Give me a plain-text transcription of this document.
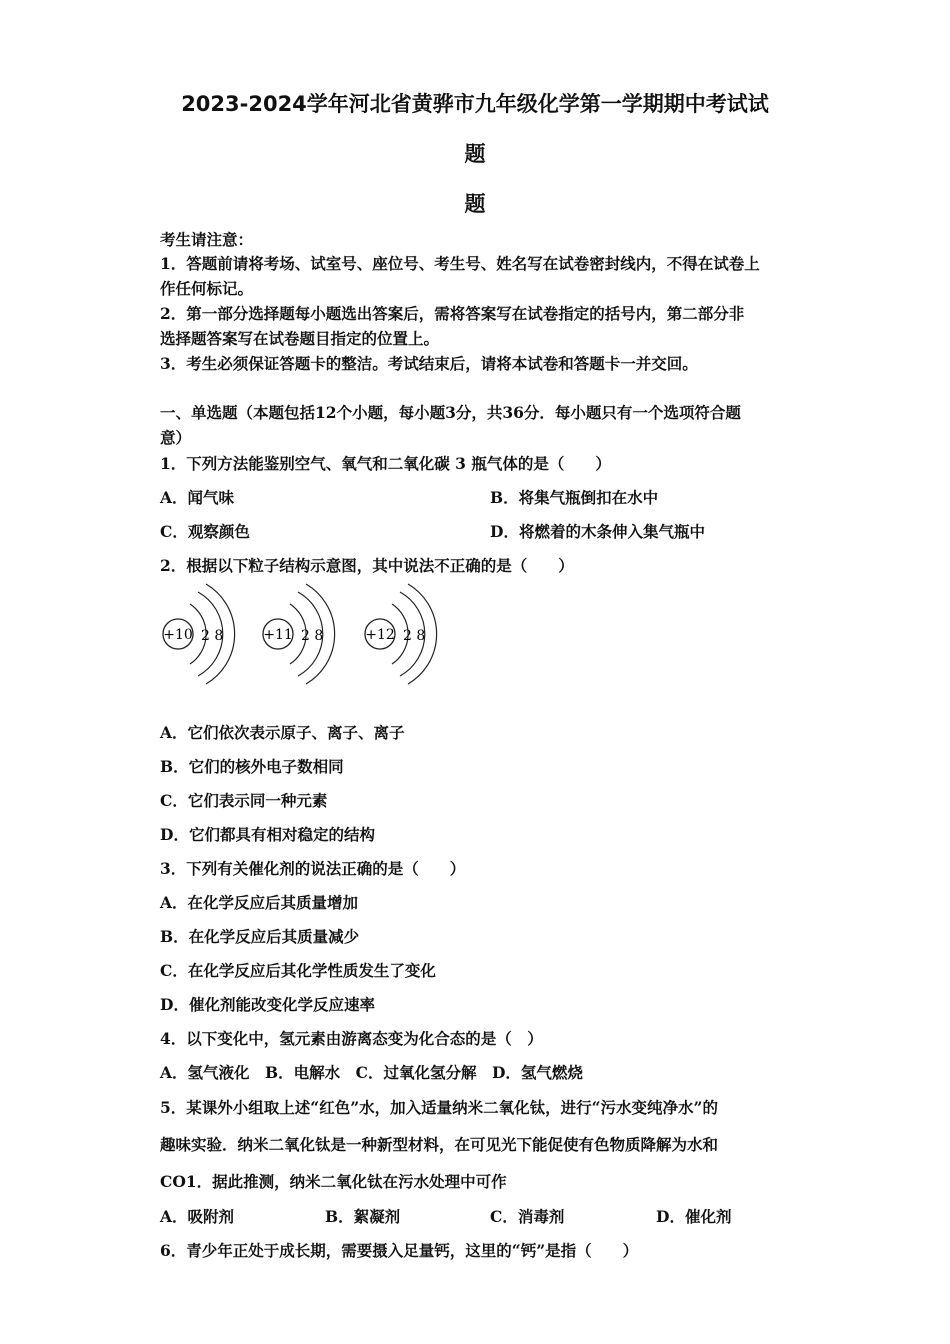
2023-2024学年河北省黄骅市九年级化学第一学期期中考试试
题
题
考生请注意：
1．答题前请将考场、试室号、座位号、考生号、姓名写在试卷密封线内，不得在试卷上
作任何标记。
2．第一部分选择题每小题选出答案后，需将答案写在试卷指定的括号内，第二部分非
选择题答案写在试卷题目指定的位置上。
3．考生必须保证答题卡的整洁。考试结束后，请将本试卷和答题卡一并交回。
一、单选题（本题包括12个小题，每小题3分，共36分．每小题只有一个选项符合题
意）
1．下列方法能鉴别空气、氧气和二氧化碳 3 瓶气体的是（　　）
A．闻气味	B．将集气瓶倒扣在水中
C．观察颜色	D．将燃着的木条伸入集气瓶中
2．根据以下粒子结构示意图，其中说法不正确的是（　　）
+10 2 8	+11 2 8	+12 2 8
A．它们依次表示原子、离子、离子
B．它们的核外电子数相同
C．它们表示同一种元素
D．它们都具有相对稳定的结构
3．下列有关催化剂的说法正确的是（　　）
A．在化学反应后其质量增加
B．在化学反应后其质量减少
C．在化学反应后其化学性质发生了变化
D．催化剂能改变化学反应速率
4．以下变化中，氢元素由游离态变为化合态的是（　）
A．氢气液化　B．电解水　C．过氧化氢分解　D．氢气燃烧
5．某课外小组取上述“红色”水，加入适量纳米二氧化钛，进行“污水变纯净水”的
趣味实验．纳米二氧化钛是一种新型材料，在可见光下能促使有色物质降解为水和
CO1．据此推测，纳米二氧化钛在污水处理中可作
A．吸附剂	B．絮凝剂	C．消毒剂	D．催化剂
6．青少年正处于成长期，需要摄入足量钙，这里的“钙”是指（　　）
